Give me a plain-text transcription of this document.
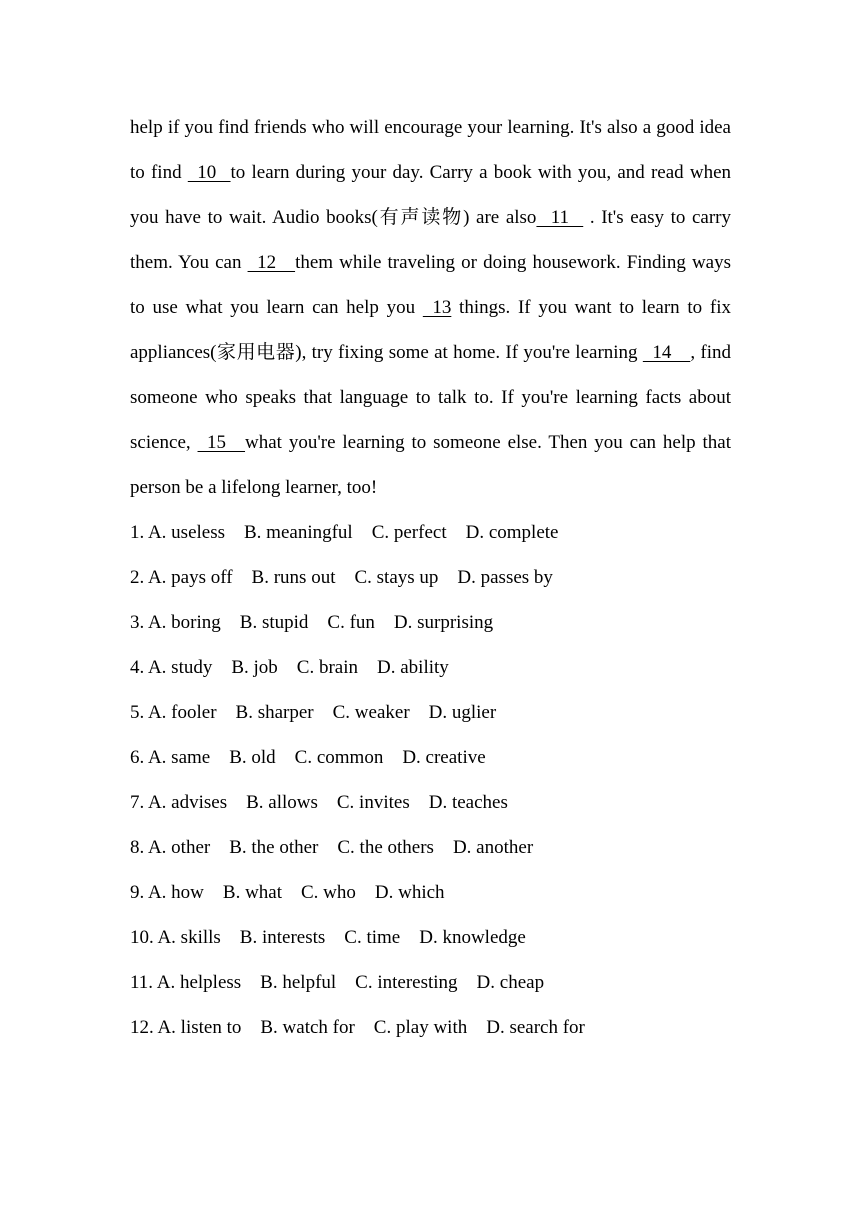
help if you find friends who will encourage your learning. It's also a good idea to find   10   to learn during your day. Carry a book with you, and read when you have to wait. Audio books(有声读物) are also   11    . It's easy to carry them. You can   12    them while traveling or doing housework. Finding ways to use what you learn can help you   13 things. If you want to learn to fix appliances(家用电器), try fixing some at home. If you're learning   14    , find someone who speaks that language to talk to. If you're learning facts about science,   15    what you're learning to someone else. Then you can help that person be a lifelong learner, too!

1. A. useless    B. meaningful    C. perfect    D. complete
2. A. pays off    B. runs out    C. stays up    D. passes by
3. A. boring    B. stupid    C. fun    D. surprising
4. A. study    B. job    C. brain    D. ability
5. A. fooler    B. sharper    C. weaker    D. uglier
6. A. same    B. old    C. common    D. creative
7. A. advises    B. allows    C. invites    D. teaches
8. A. other    B. the other    C. the others    D. another
9. A. how    B. what    C. who    D. which
10. A. skills    B. interests    C. time    D. knowledge
11. A. helpless    B. helpful    C. interesting    D. cheap
12. A. listen to    B. watch for    C. play with    D. search for
